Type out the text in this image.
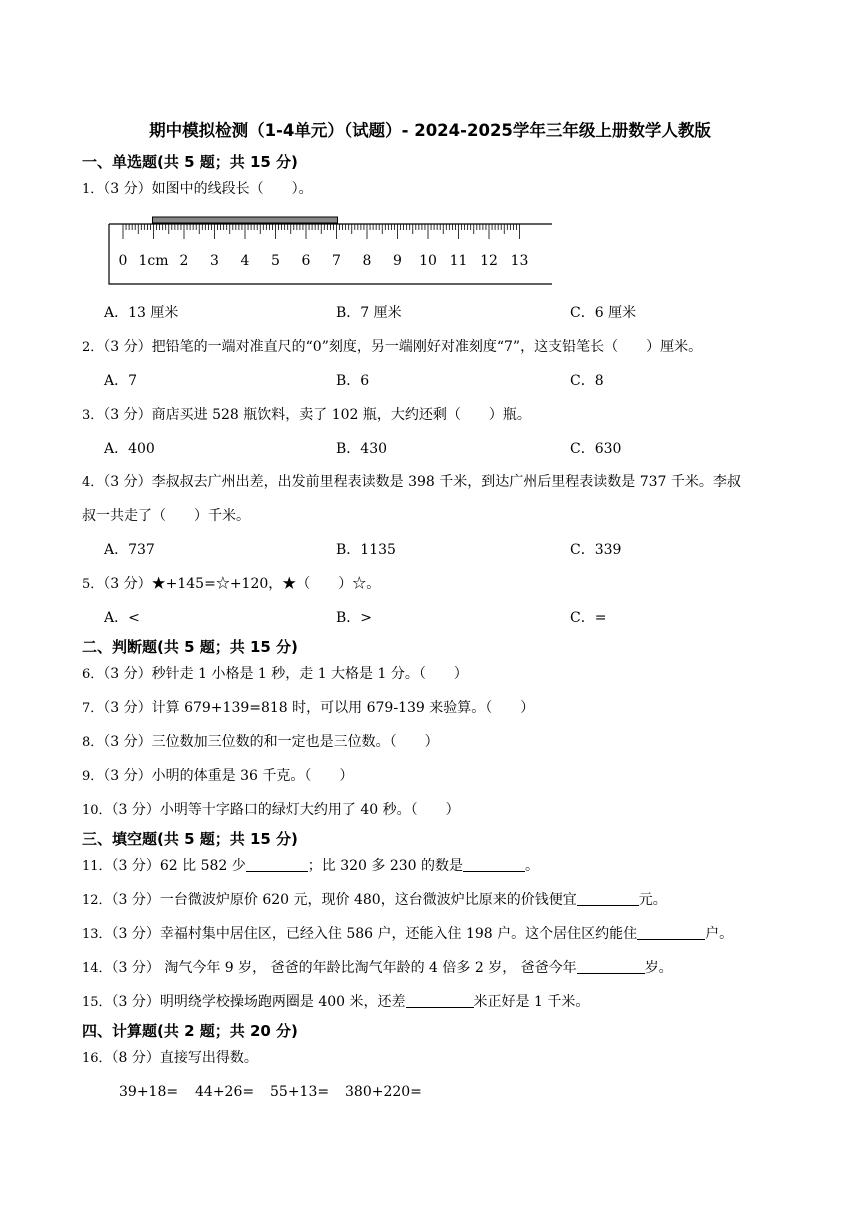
期中模拟检测（1-4单元）（试题）- 2024-2025学年三年级上册数学人教版
一、单选题(共 5 题；共 15 分)
1．（3 分）如图中的线段长（　　）。
0 1cm 2 3 4 5 6 7 8 9 10 11 12 13
A．13 厘米	B．7 厘米	C．6 厘米
2．（3 分）把铅笔的一端对准直尺的“0”刻度，另一端刚好对准刻度“7”，这支铅笔长（　　）厘米。
A．7	B．6	C．8
3．（3 分）商店买进 528 瓶饮料，卖了 102 瓶，大约还剩（　　）瓶。
A．400	B．430	C．630
4．（3 分）李叔叔去广州出差，出发前里程表读数是 398 千米，到达广州后里程表读数是 737 千米。李叔
叔一共走了（　　）千米。
A．737	B．1135	C．339
5．（3 分）★+145=☆+120，★（　　）☆。
A．<	B．>	C．=
二、判断题(共 5 题；共 15 分)
6．（3 分）秒针走 1 小格是 1 秒，走 1 大格是 1 分。（　　）
7．（3 分）计算 679+139=818 时，可以用 679-139 来验算。（　　）
8．（3 分）三位数加三位数的和一定也是三位数。（　　）
9．（3 分）小明的体重是 36 千克。（　　）
10．（3 分）小明等十字路口的绿灯大约用了 40 秒。（　　）
三、填空题(共 5 题；共 15 分)
11．（3 分）62 比 582 少	；比 320 多 230 的数是	。
12．（3 分）一台微波炉原价 620 元，现价 480，这台微波炉比原来的价钱便宜	元。
13．（3 分）幸福村集中居住区，已经入住 586 户，还能入住 198 户。这个居住区约能住	户。
14．（3 分） 淘气今年 9 岁， 爸爸的年龄比淘气年龄的 4 倍多 2 岁， 爸爸今年	岁。
15．（3 分）明明绕学校操场跑两圈是 400 米，还差	米正好是 1 千米。
四、计算题(共 2 题；共 20 分)
16．（8 分）直接写出得数。
39+18= 44+26= 55+13= 380+220=
